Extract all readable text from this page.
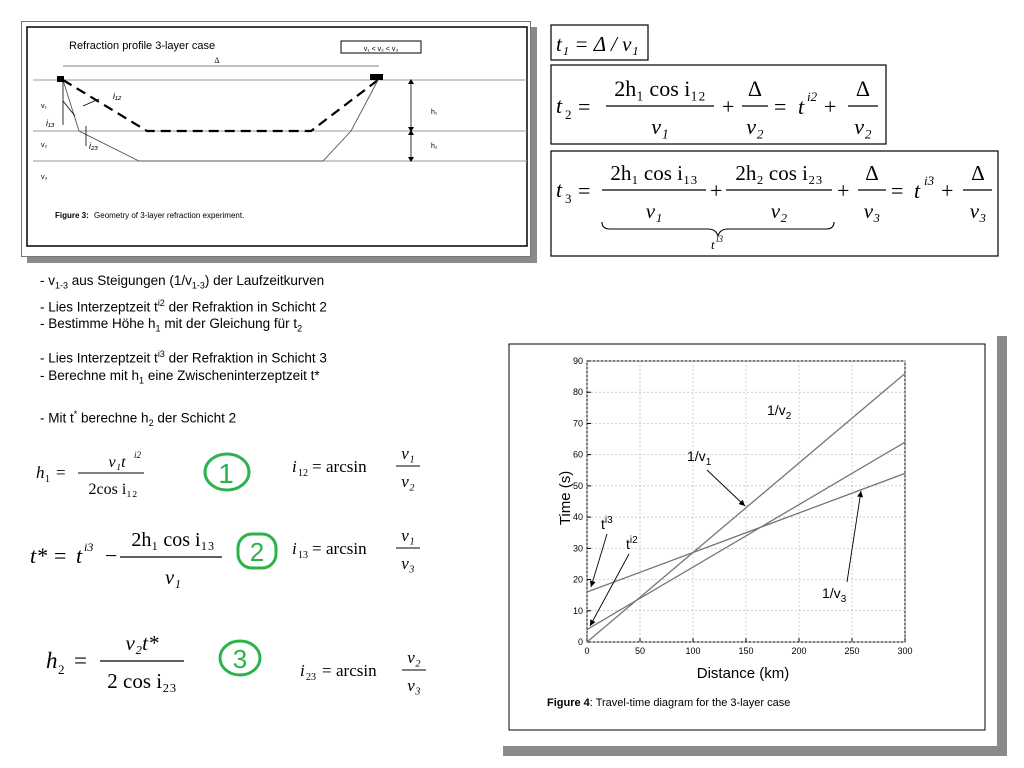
Refraction profile 3-layer case	v₁ < v₂ < v₃
Δ
v₁
v₂
v₃
i₁₂
i₁₃
i₂₃
h₁
h₂
Figure 3: Geometry of 3-layer refraction experiment.
t₁ = Δ / v₁
t 2 =
2h₁ cos i₁₂
v₁
+
Δ
v₂
= t i2 +
Δ
v₂
t 3 =
2h₁ cos i₁₃
v₁
+
2h₂ cos i₂₃
v₂
+
Δ
v₃
= t i3 +
Δ
v₃
t i3
- $v_{1-3}$ aus Steigungen $(1/v_{1-3})$ der Laufzeitkurven
- Lies Interzeptzeit $t^{i2}$ der Refraktion in Schicht 2
- Bestimme Höhe $h_1$ mit der Gleichung für $t_2$
- Lies Interzeptzeit $t^{i3}$ der Refraktion in Schicht 3
- Berechne mit $h_1$ eine Zwischeninterzeptzeit t*
- Mit t* berechne $h_2$ der Schicht 2
h 1 =
v₁t i2
2cos i₁₂
t* = t i3 −
2h₁ cos i₁₃
v₁
h 2 =
v₂t*
2 cos i₂₃
1
2
3
i 12 = arcsin
v₁
v₂
i 13 = arcsin
v₁
v₃
i 23 = arcsin
v₂
v₃
0	50	100	150	200	250	300
0
10
20
30
40
50
60
70
80
90
$1/v_2$
$1/v_1$
$t^{i3}$
$t^{i2}$
$1/v_3$
Distance (km)
Time (s)
Figure 4: Travel-time diagram for the 3-layer case
